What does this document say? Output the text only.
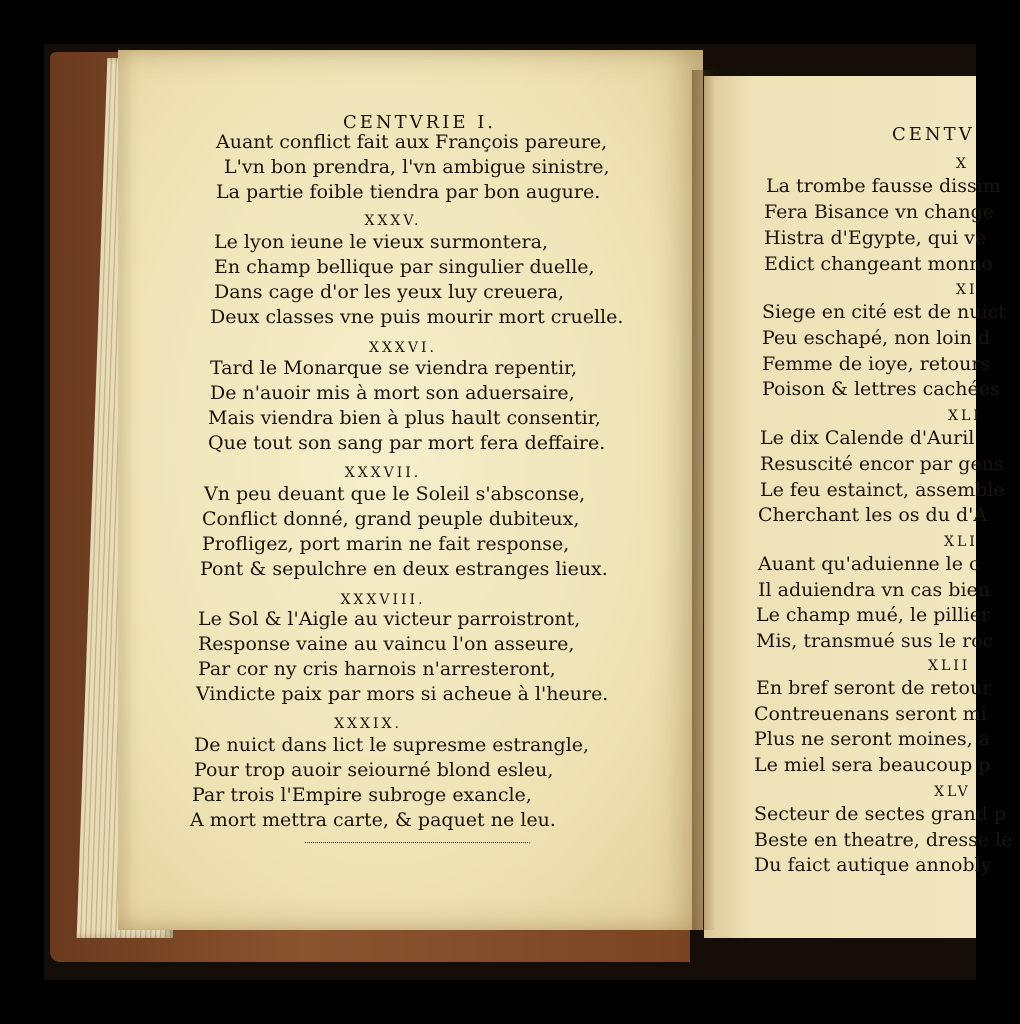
CENTVRIE I.
Auant conflict fait aux François pareure,
L'vn bon prendra, l'vn ambigue sinistre,
La partie foible tiendra par bon augure.
XXXV.
Le lyon ieune le vieux surmontera,
En champ bellique par singulier duelle,
Dans cage d'or les yeux luy creuera,
Deux classes vne puis mourir mort cruelle.
XXXVI.
Tard le Monarque se viendra repentir,
De n'auoir mis à mort son aduersaire,
Mais viendra bien à plus hault consentir,
Que tout son sang par mort fera deffaire.
XXXVII.
Vn peu deuant que le Soleil s'absconse,
Conflict donné, grand peuple dubiteux,
Profligez, port marin ne fait response,
Pont & sepulchre en deux estranges lieux.
XXXVIII.
Le Sol & l'Aigle au victeur parroistront,
Response vaine au vaincu l'on asseure,
Par cor ny cris harnois n'arresteront,
Vindicte paix par mors si acheue à l'heure.
XXXIX.
De nuict dans lict le supresme estrangle,
Pour trop auoir seiourné blond esleu,
Par trois l'Empire subroge exancle,
A mort mettra carte, & paquet ne leu.
CENTV
X
La trombe fausse dissim
Fera Bisance vn change
Histra d'Egypte, qui ve
Edict changeant monno
XI
Siege en cité est de nuict
Peu eschapé, non loin d
Femme de ioye, retours
Poison & lettres cachées
XLI
Le dix Calende d'Auril
Resuscité encor par gens
Le feu estainct, assemble
Cherchant les os du d'A
XLI
Auant qu'aduienne le c
Il aduiendra vn cas bien
Le champ mué, le pillier
Mis, transmué sus le roc
XLII
En bref seront de retour
Contreuenans seront mi
Plus ne seront moines, a
Le miel sera beaucoup p
XLV
Secteur de sectes grand p
Beste en theatre, dresse le
Du faict autique annobly
